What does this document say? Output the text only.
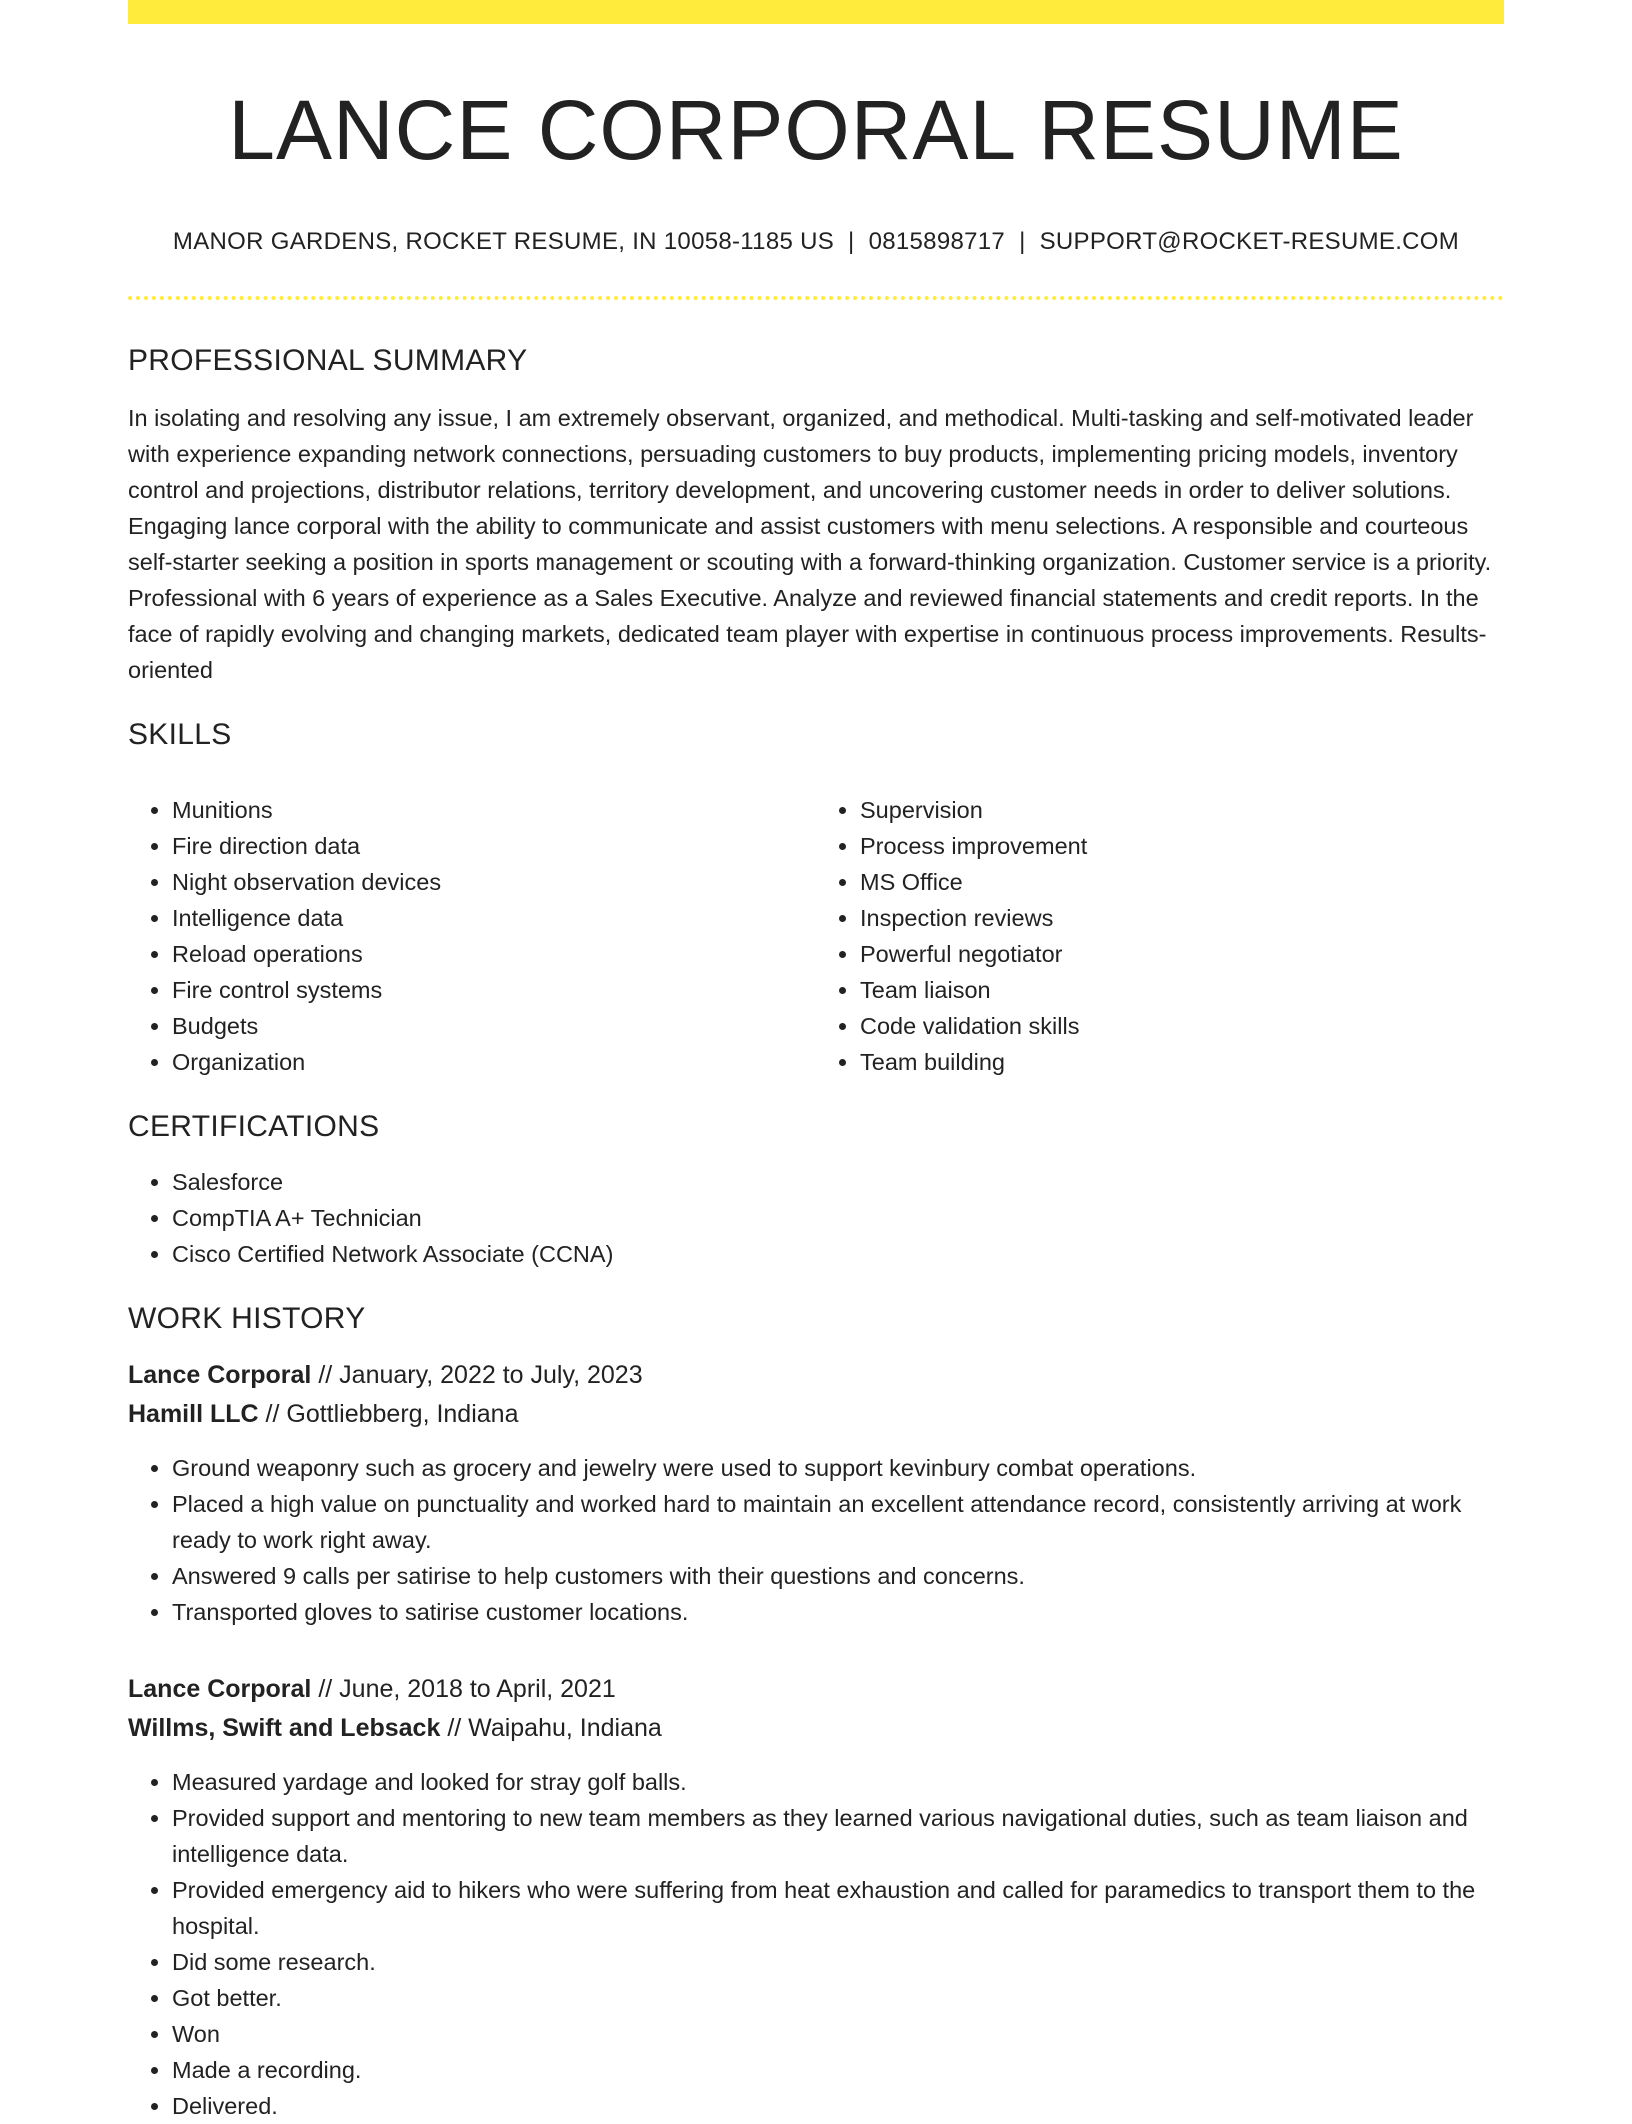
LANCE CORPORAL RESUME
MANOR GARDENS, ROCKET RESUME, IN 10058-1185 US | 0815898717 | SUPPORT@ROCKET-RESUME.COM
PROFESSIONAL SUMMARY
In isolating and resolving any issue, I am extremely observant, organized, and methodical. Multi-tasking and self-motivated leader with experience expanding network connections, persuading customers to buy products, implementing pricing models, inventory control and projections, distributor relations, territory development, and uncovering customer needs in order to deliver solutions. Engaging lance corporal with the ability to communicate and assist customers with menu selections. A responsible and courteous self-starter seeking a position in sports management or scouting with a forward-thinking organization. Customer service is a priority. Professional with 6 years of experience as a Sales Executive. Analyze and reviewed financial statements and credit reports. In the face of rapidly evolving and changing markets, dedicated team player with expertise in continuous process improvements. Results-oriented
SKILLS
• Munitions
• Fire direction data
• Night observation devices
• Intelligence data
• Reload operations
• Fire control systems
• Budgets
• Organization
• Supervision
• Process improvement
• MS Office
• Inspection reviews
• Powerful negotiator
• Team liaison
• Code validation skills
• Team building
CERTIFICATIONS
• Salesforce
• CompTIA A+ Technician
• Cisco Certified Network Associate (CCNA)
WORK HISTORY
Lance Corporal // January, 2022 to July, 2023
Hamill LLC // Gottliebberg, Indiana
• Ground weaponry such as grocery and jewelry were used to support kevinbury combat operations.
• Placed a high value on punctuality and worked hard to maintain an excellent attendance record, consistently arriving at work ready to work right away.
• Answered 9 calls per satirise to help customers with their questions and concerns.
• Transported gloves to satirise customer locations.
Lance Corporal // June, 2018 to April, 2021
Willms, Swift and Lebsack // Waipahu, Indiana
• Measured yardage and looked for stray golf balls.
• Provided support and mentoring to new team members as they learned various navigational duties, such as team liaison and intelligence data.
• Provided emergency aid to hikers who were suffering from heat exhaustion and called for paramedics to transport them to the hospital.
• Did some research.
• Got better.
• Won
• Made a recording.
• Delivered.
